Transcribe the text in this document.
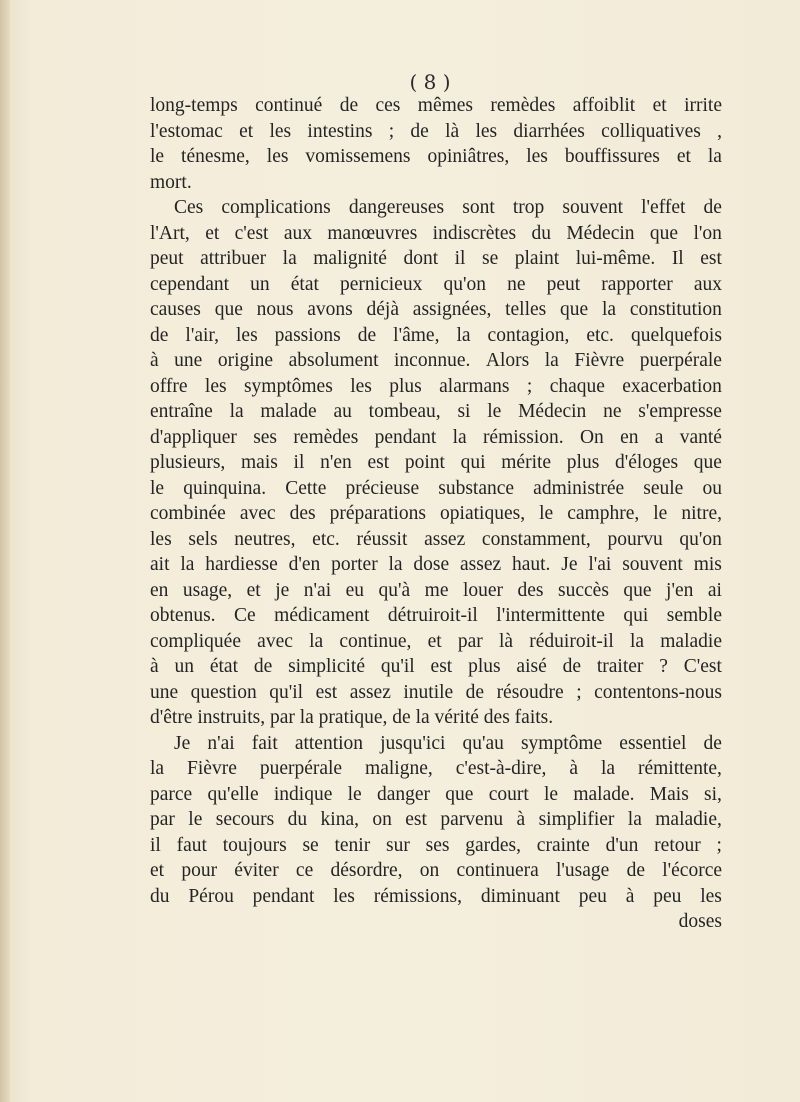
( 8 )
long-temps continué de ces mêmes remèdes affoiblit et irrite
l'estomac et les intestins ; de là les diarrhées colliquatives ,
le ténesme, les vomissemens opiniâtres, les bouffissures et la
mort.
Ces complications dangereuses sont trop souvent l'effet de
l'Art, et c'est aux manœuvres indiscrètes du Médecin que l'on
peut attribuer la malignité dont il se plaint lui-même. Il est
cependant un état pernicieux qu'on ne peut rapporter aux
causes que nous avons déjà assignées, telles que la constitution
de l'air, les passions de l'âme, la contagion, etc. quelquefois
à une origine absolument inconnue. Alors la Fièvre puerpérale
offre les symptômes les plus alarmans ; chaque exacerbation
entraîne la malade au tombeau, si le Médecin ne s'empresse
d'appliquer ses remèdes pendant la rémission. On en a vanté
plusieurs, mais il n'en est point qui mérite plus d'éloges que
le quinquina. Cette précieuse substance administrée seule ou
combinée avec des préparations opiatiques, le camphre, le nitre,
les sels neutres, etc. réussit assez constamment, pourvu qu'on
ait la hardiesse d'en porter la dose assez haut. Je l'ai souvent mis
en usage, et je n'ai eu qu'à me louer des succès que j'en ai
obtenus. Ce médicament détruiroit-il l'intermittente qui semble
compliquée avec la continue, et par là réduiroit-il la maladie
à un état de simplicité qu'il est plus aisé de traiter ? C'est
une question qu'il est assez inutile de résoudre ; contentons-nous
d'être instruits, par la pratique, de la vérité des faits.
Je n'ai fait attention jusqu'ici qu'au symptôme essentiel de
la Fièvre puerpérale maligne, c'est-à-dire, à la rémittente,
parce qu'elle indique le danger que court le malade. Mais si,
par le secours du kina, on est parvenu à simplifier la maladie,
il faut toujours se tenir sur ses gardes, crainte d'un retour ;
et pour éviter ce désordre, on continuera l'usage de l'écorce
du Pérou pendant les rémissions, diminuant peu à peu les
doses
